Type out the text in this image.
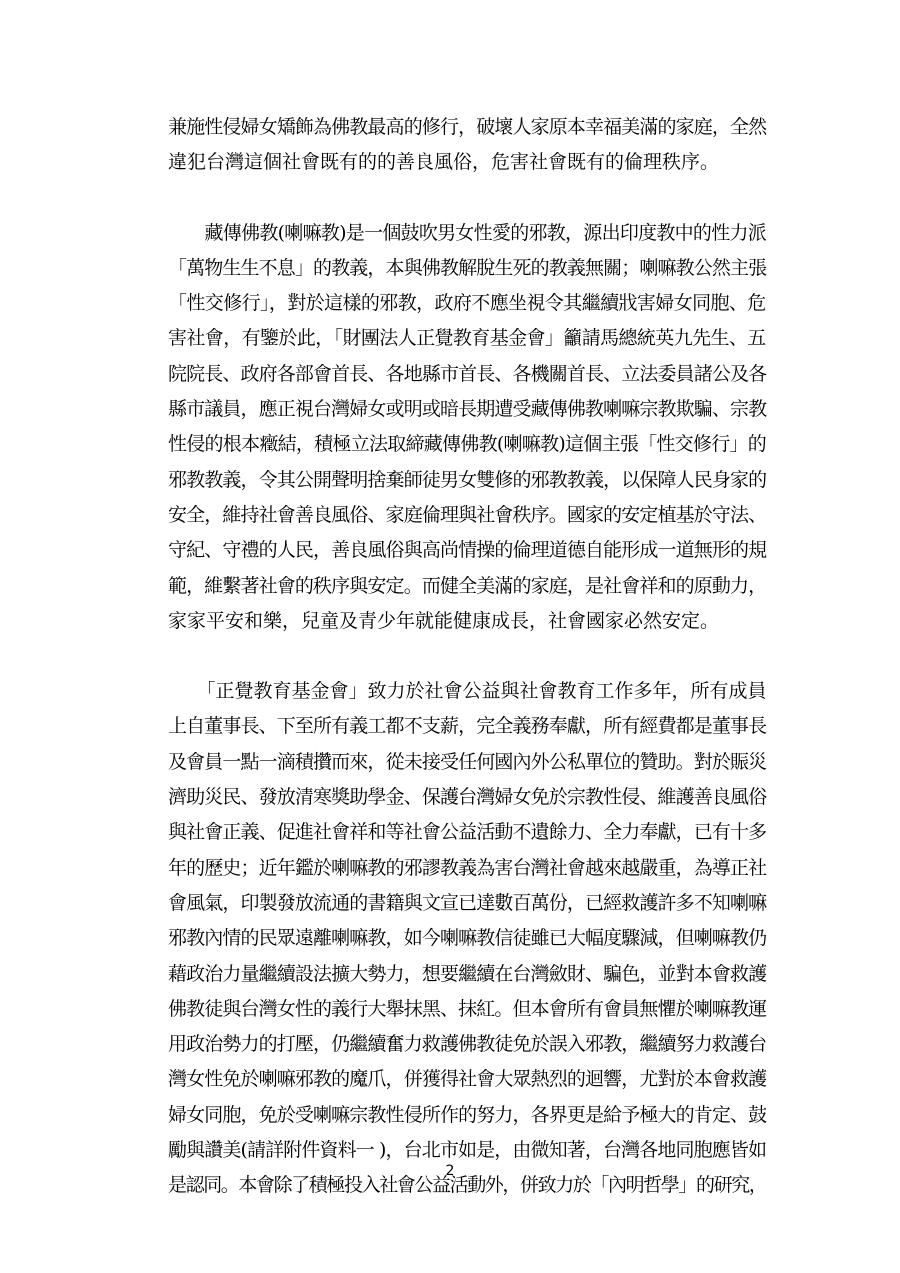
兼施性侵婦女矯飾為佛教最高的修行，破壞人家原本幸福美滿的家庭，全然
違犯台灣這個社會既有的的善良風俗，危害社會既有的倫理秩序。
　　藏傳佛教(喇嘛教)是一個鼓吹男女性愛的邪教，源出印度教中的性力派
「萬物生生不息」的教義，本與佛教解脫生死的教義無關；喇嘛教公然主張
「性交修行」，對於這樣的邪教，政府不應坐視令其繼續戕害婦女同胞、危
害社會，有鑒於此，「財團法人正覺教育基金會」籲請馬總統英九先生、五
院院長、政府各部會首長、各地縣市首長、各機關首長、立法委員諸公及各
縣市議員，應正視台灣婦女或明或暗長期遭受藏傳佛教喇嘛宗教欺騙、宗教
性侵的根本癥結，積極立法取締藏傳佛教(喇嘛教)這個主張「性交修行」的
邪教教義，令其公開聲明捨棄師徒男女雙修的邪教教義，以保障人民身家的
安全，維持社會善良風俗、家庭倫理與社會秩序。國家的安定植基於守法、
守紀、守禮的人民，善良風俗與高尚情操的倫理道德自能形成一道無形的規
範，維繫著社會的秩序與安定。而健全美滿的家庭，是社會祥和的原動力，
家家平安和樂，兒童及青少年就能健康成長，社會國家必然安定。
　　「正覺教育基金會」致力於社會公益與社會教育工作多年，所有成員
上自董事長、下至所有義工都不支薪，完全義務奉獻，所有經費都是董事長
及會員一點一滴積攢而來，從未接受任何國內外公私單位的贊助。對於賑災
濟助災民、發放清寒獎助學金、保護台灣婦女免於宗教性侵、維護善良風俗
與社會正義、促進社會祥和等社會公益活動不遺餘力、全力奉獻，已有十多
年的歷史；近年鑑於喇嘛教的邪謬教義為害台灣社會越來越嚴重，為導正社
會風氣，印製發放流通的書籍與文宣已達數百萬份，已經救護許多不知喇嘛
邪教內情的民眾遠離喇嘛教，如今喇嘛教信徒雖已大幅度驟減，但喇嘛教仍
藉政治力量繼續設法擴大勢力，想要繼續在台灣斂財、騙色，並對本會救護
佛教徒與台灣女性的義行大舉抹黑、抹紅。但本會所有會員無懼於喇嘛教運
用政治勢力的打壓，仍繼續奮力救護佛教徒免於誤入邪教，繼續努力救護台
灣女性免於喇嘛邪教的魔爪，併獲得社會大眾熱烈的迴響，尤對於本會救護
婦女同胞，免於受喇嘛宗教性侵所作的努力，各界更是給予極大的肯定、鼓
勵與讚美(請詳附件資料一 )，台北市如是，由微知著，台灣各地同胞應皆如
是認同。本會除了積極投入社會公益活動外，併致力於「內明哲學」的研究，
2
